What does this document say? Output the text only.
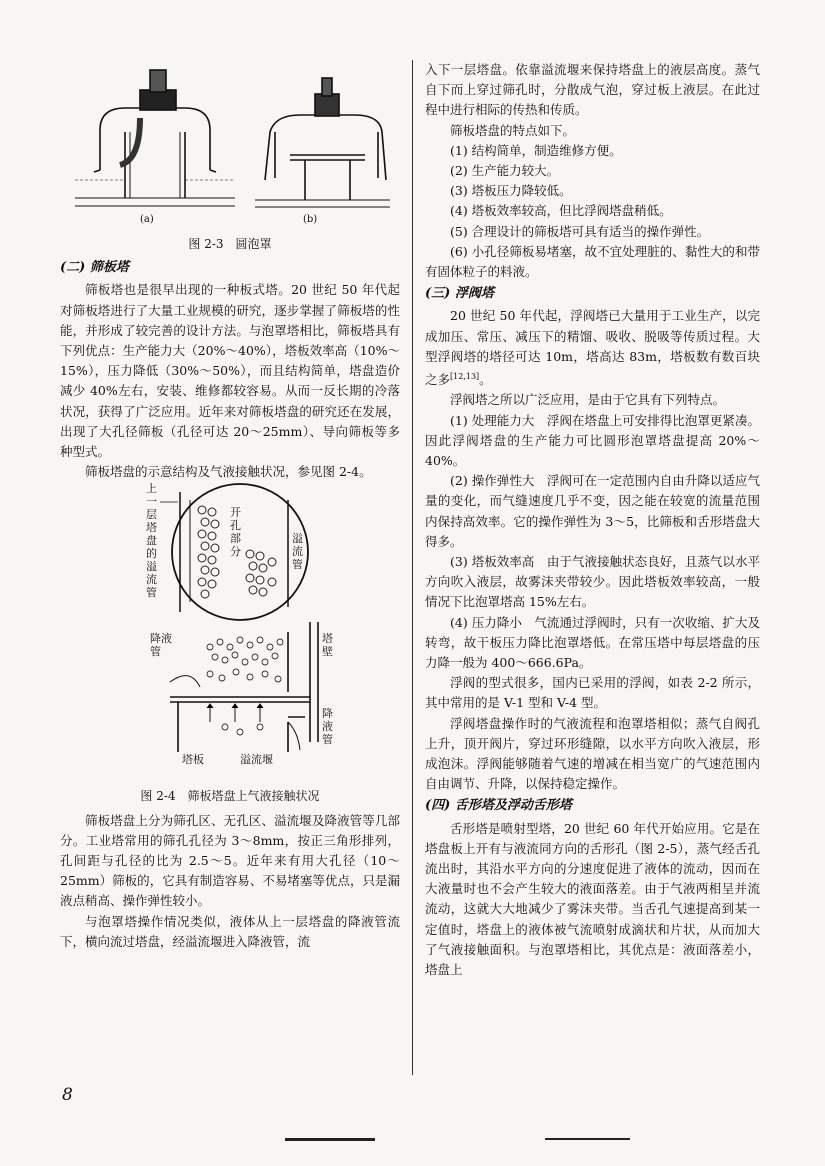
(a)	(b)
图 2-3　圆泡罩
(二) 筛板塔

筛板塔也是很早出现的一种板式塔。20 世纪 50 年代起对筛板塔进行了大量工业规模的研究，逐步掌握了筛板塔的性能，并形成了较完善的设计方法。与泡罩塔相比，筛板塔具有下列优点：生产能力大（20%～40%），塔板效率高（10%～15%），压力降低（30%～50%），而且结构简单，塔盘造价减少 40%左右，安装、维修都较容易。从而一反长期的冷落状况，获得了广泛应用。近年来对筛板塔盘的研究还在发展，出现了大孔径筛板（孔径可达 20～25mm）、导向筛板等多种型式。

筛板塔盘的示意结构及气液接触状况，参见图 2-4。

上一层塔盘的溢流管
开孔部分
溢流管
降液管
塔壁
降液管
塔板	溢流堰
图 2-4　筛板塔盘上气液接触状况

筛板塔盘上分为筛孔区、无孔区、溢流堰及降液管等几部分。工业塔常用的筛孔孔径为 3～8mm，按正三角形排列，孔间距与孔径的比为 2.5～5。近年来有用大孔径（10～25mm）筛板的，它具有制造容易、不易堵塞等优点，只是漏液点稍高、操作弹性较小。

与泡罩塔操作情况类似，液体从上一层塔盘的降液管流下，横向流过塔盘，经溢流堰进入降液管，流

入下一层塔盘。依靠溢流堰来保持塔盘上的液层高度。蒸气自下而上穿过筛孔时，分散成气泡，穿过板上液层。在此过程中进行相际的传热和传质。

筛板塔盘的特点如下。

(1) 结构简单，制造维修方便。

(2) 生产能力较大。

(3) 塔板压力降较低。

(4) 塔板效率较高，但比浮阀塔盘稍低。

(5) 合理设计的筛板塔可具有适当的操作弹性。

(6) 小孔径筛板易堵塞，故不宜处理脏的、黏性大的和带有固体粒子的料液。

(三) 浮阀塔

20 世纪 50 年代起，浮阀塔已大量用于工业生产，以完成加压、常压、减压下的精馏、吸收、脱吸等传质过程。大型浮阀塔的塔径可达 10m，塔高达 83m，塔板数有数百块之多[12,13]。

浮阀塔之所以广泛应用，是由于它具有下列特点。

(1) 处理能力大　浮阀在塔盘上可安排得比泡罩更紧凑。因此浮阀塔盘的生产能力可比圆形泡罩塔盘提高 20%～40%。

(2) 操作弹性大　浮阀可在一定范围内自由升降以适应气量的变化，而气缝速度几乎不变，因之能在较宽的流量范围内保持高效率。它的操作弹性为 3～5，比筛板和舌形塔盘大得多。

(3) 塔板效率高　由于气液接触状态良好，且蒸气以水平方向吹入液层，故雾沫夹带较少。因此塔板效率较高，一般情况下比泡罩塔高 15%左右。

(4) 压力降小　气流通过浮阀时，只有一次收缩、扩大及转弯，故干板压力降比泡罩塔低。在常压塔中每层塔盘的压力降一般为 400～666.6Pa。

浮阀的型式很多，国内已采用的浮阀，如表 2-2 所示，其中常用的是 V-1 型和 V-4 型。

浮阀塔盘操作时的气液流程和泡罩塔相似；蒸气自阀孔上升，顶开阀片，穿过环形缝隙，以水平方向吹入液层，形成泡沫。浮阀能够随着气速的增减在相当宽广的气速范围内自由调节、升降，以保持稳定操作。

(四) 舌形塔及浮动舌形塔

舌形塔是喷射型塔，20 世纪 60 年代开始应用。它是在塔盘板上开有与液流同方向的舌形孔（图 2-5），蒸气经舌孔流出时，其沿水平方向的分速度促进了液体的流动，因而在大液量时也不会产生较大的液面落差。由于气液两相呈并流流动，这就大大地减少了雾沫夹带。当舌孔气速提高到某一定值时，塔盘上的液体被气流喷射成滴状和片状，从而加大了气液接触面积。与泡罩塔相比，其优点是：液面落差小，塔盘上

8
